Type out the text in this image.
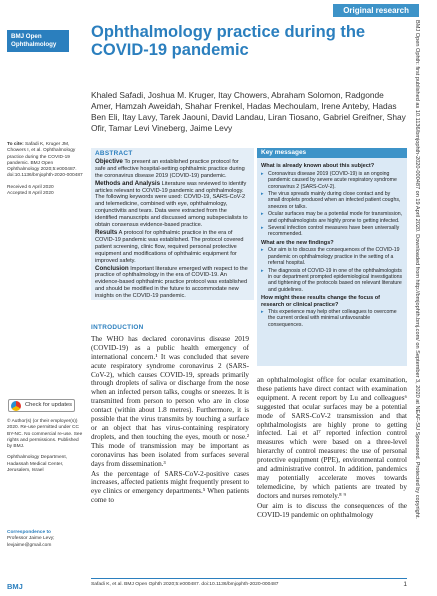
Original research
BMJ Open
Ophthalmology
Ophthalmology practice during the COVID-19 pandemic
Khaled Safadi, Joshua M. Kruger, Itay Chowers, Abraham Solomon, Radgonde Amer, Hamzah Aweidah, Shahar Frenkel, Hadas Mechoulam, Irene Anteby, Hadas Ben Eli, Itay Lavy, Tarek Jaouni, David Landau, Liran Tiosano, Gabriel Greifner, Shay Ofir, Tamar Levi Vineberg, Jaime Levy
To cite: Safadi K, Kruger JM, Chowers I, et al. Ophthalmology practice during the COVID-19 pandemic. BMJ Open Ophthalmology 2020;5:e000487. doi:10.1136/bmjophth-2020-000487
Received 6 April 2020
Accepted 8 April 2020
Check for updates
© Author(s) (or their employer(s)) 2020. Re-use permitted under CC BY-NC. No commercial re-use. See rights and permissions. Published by BMJ.
Ophthalmology Department, Hadassah Medical Center, Jerusalem, Israel
Correspondence to
Professor Jaime Levy;
levjaime@gmail.com
ABSTRACT

Objective To present an established practice protocol for safe and effective hospital-setting ophthalmic practice during the coronavirus disease 2019 (COVID-19) pandemic.

Methods and Analysis Literature was reviewed to identify articles relevant to COVID-19 pandemic and ophthalmology. The following keywords were used: COVID-19, SARS-CoV-2 and telemedicine, combined with eye, ophthalmology, conjunctivitis and tears. Data were extracted from the identified manuscripts and discussed among subspecialists to obtain consensus evidence-based practice.

Results A protocol for ophthalmic practice in the era of COVID-19 pandemic was established. The protocol covered patient screening, clinic flow, required personal protective equipment and modifications of ophthalmic equipment for improved safety.

Conclusion Important literature emerged with respect to the practice of ophthalmology in the era of COVID-19. An evidence-based ophthalmic practice protocol was established and should be modified in the future to accommodate new insights on the COVID-19 pandemic.

Key messages
What is already known about this subject?
▸ Coronavirus disease 2019 (COVID-19) is an ongoing pandemic caused by severe acute respiratory syndrome coronavirus 2 (SARS-CoV-2).
▸ The virus spreads mainly during close contact and by small droplets produced when an infected patient coughs, sneezes or talks.
▸ Ocular surfaces may be a potential mode for transmission, and ophthalmologists are highly prone to getting infected.
▸ Several infection control measures have been universally recommended.
What are the new findings?
▸ Our aim is to discuss the consequences of the COVID-19 pandemic on ophthalmology practice in the setting of a referral hospital.
▸ The diagnosis of COVID-19 in one of the ophthalmologists in our department prompted epidemiological investigations and tightening of the protocols based on relevant literature and guidelines.
How might these results change the focus of research or clinical practice?
▸ This experience may help other colleagues to overcome the current ordeal with minimal unfavourable consequences.
INTRODUCTION

The WHO has declared coronavirus disease 2019 (COVID-19) as a public health emergency of international concern.¹ It was concluded that severe acute respiratory syndrome coronavirus 2 (SARS-CoV-2), which causes COVID-19, spreads primarily through droplets of saliva or discharge from the nose when an infected person talks, coughs or sneezes. It is transmitted from person to person who are in close contact (within about 1.8 metres). Furthermore, it is possible that the virus transmits by touching a surface or an object that has virus-containing respiratory droplets, and then touching the eyes, mouth or nose.² This mode of transmission may be important as coronavirus has been isolated from surfaces several days from dissemination.³

As the percentage of SARS-CoV-2-positive cases increases, affected patients might frequently present to eye clinics or emergency departments.⁵ When patients come to

an ophthalmologist office for ocular examination, these patients have direct contact with examination equipment. A recent report by Lu and colleagues⁶ suggested that ocular surfaces may be a potential mode of SARS-CoV-2 transmission and that ophthalmologists are highly prone to getting infected. Lai et al⁷ reported infection control measures which were based on a three-level hierarchy of control measures: the use of personal protective equipment (PPE), environmental control and administrative control. In addition, pandemics may potentially accelerate moves towards telemedicine, by which patients are treated by doctors and nurses remotely.⁸ ⁹

Our aim is to discuss the consequences of the COVID-19 pandemic on ophthalmology

BMJ	Safadi K, et al. BMJ Open Ophth 2020;5:e000487. doi:10.1136/bmjophth-2020-000487	1
BMJ Open Ophth: first published as 10.1136/bmjophth-2020-000487 on 19 April 2020. Downloaded from http://bmjophth.bmj.com/ on September 3, 2020 at NEAF-SU Sponsored. Protected by copyright.
